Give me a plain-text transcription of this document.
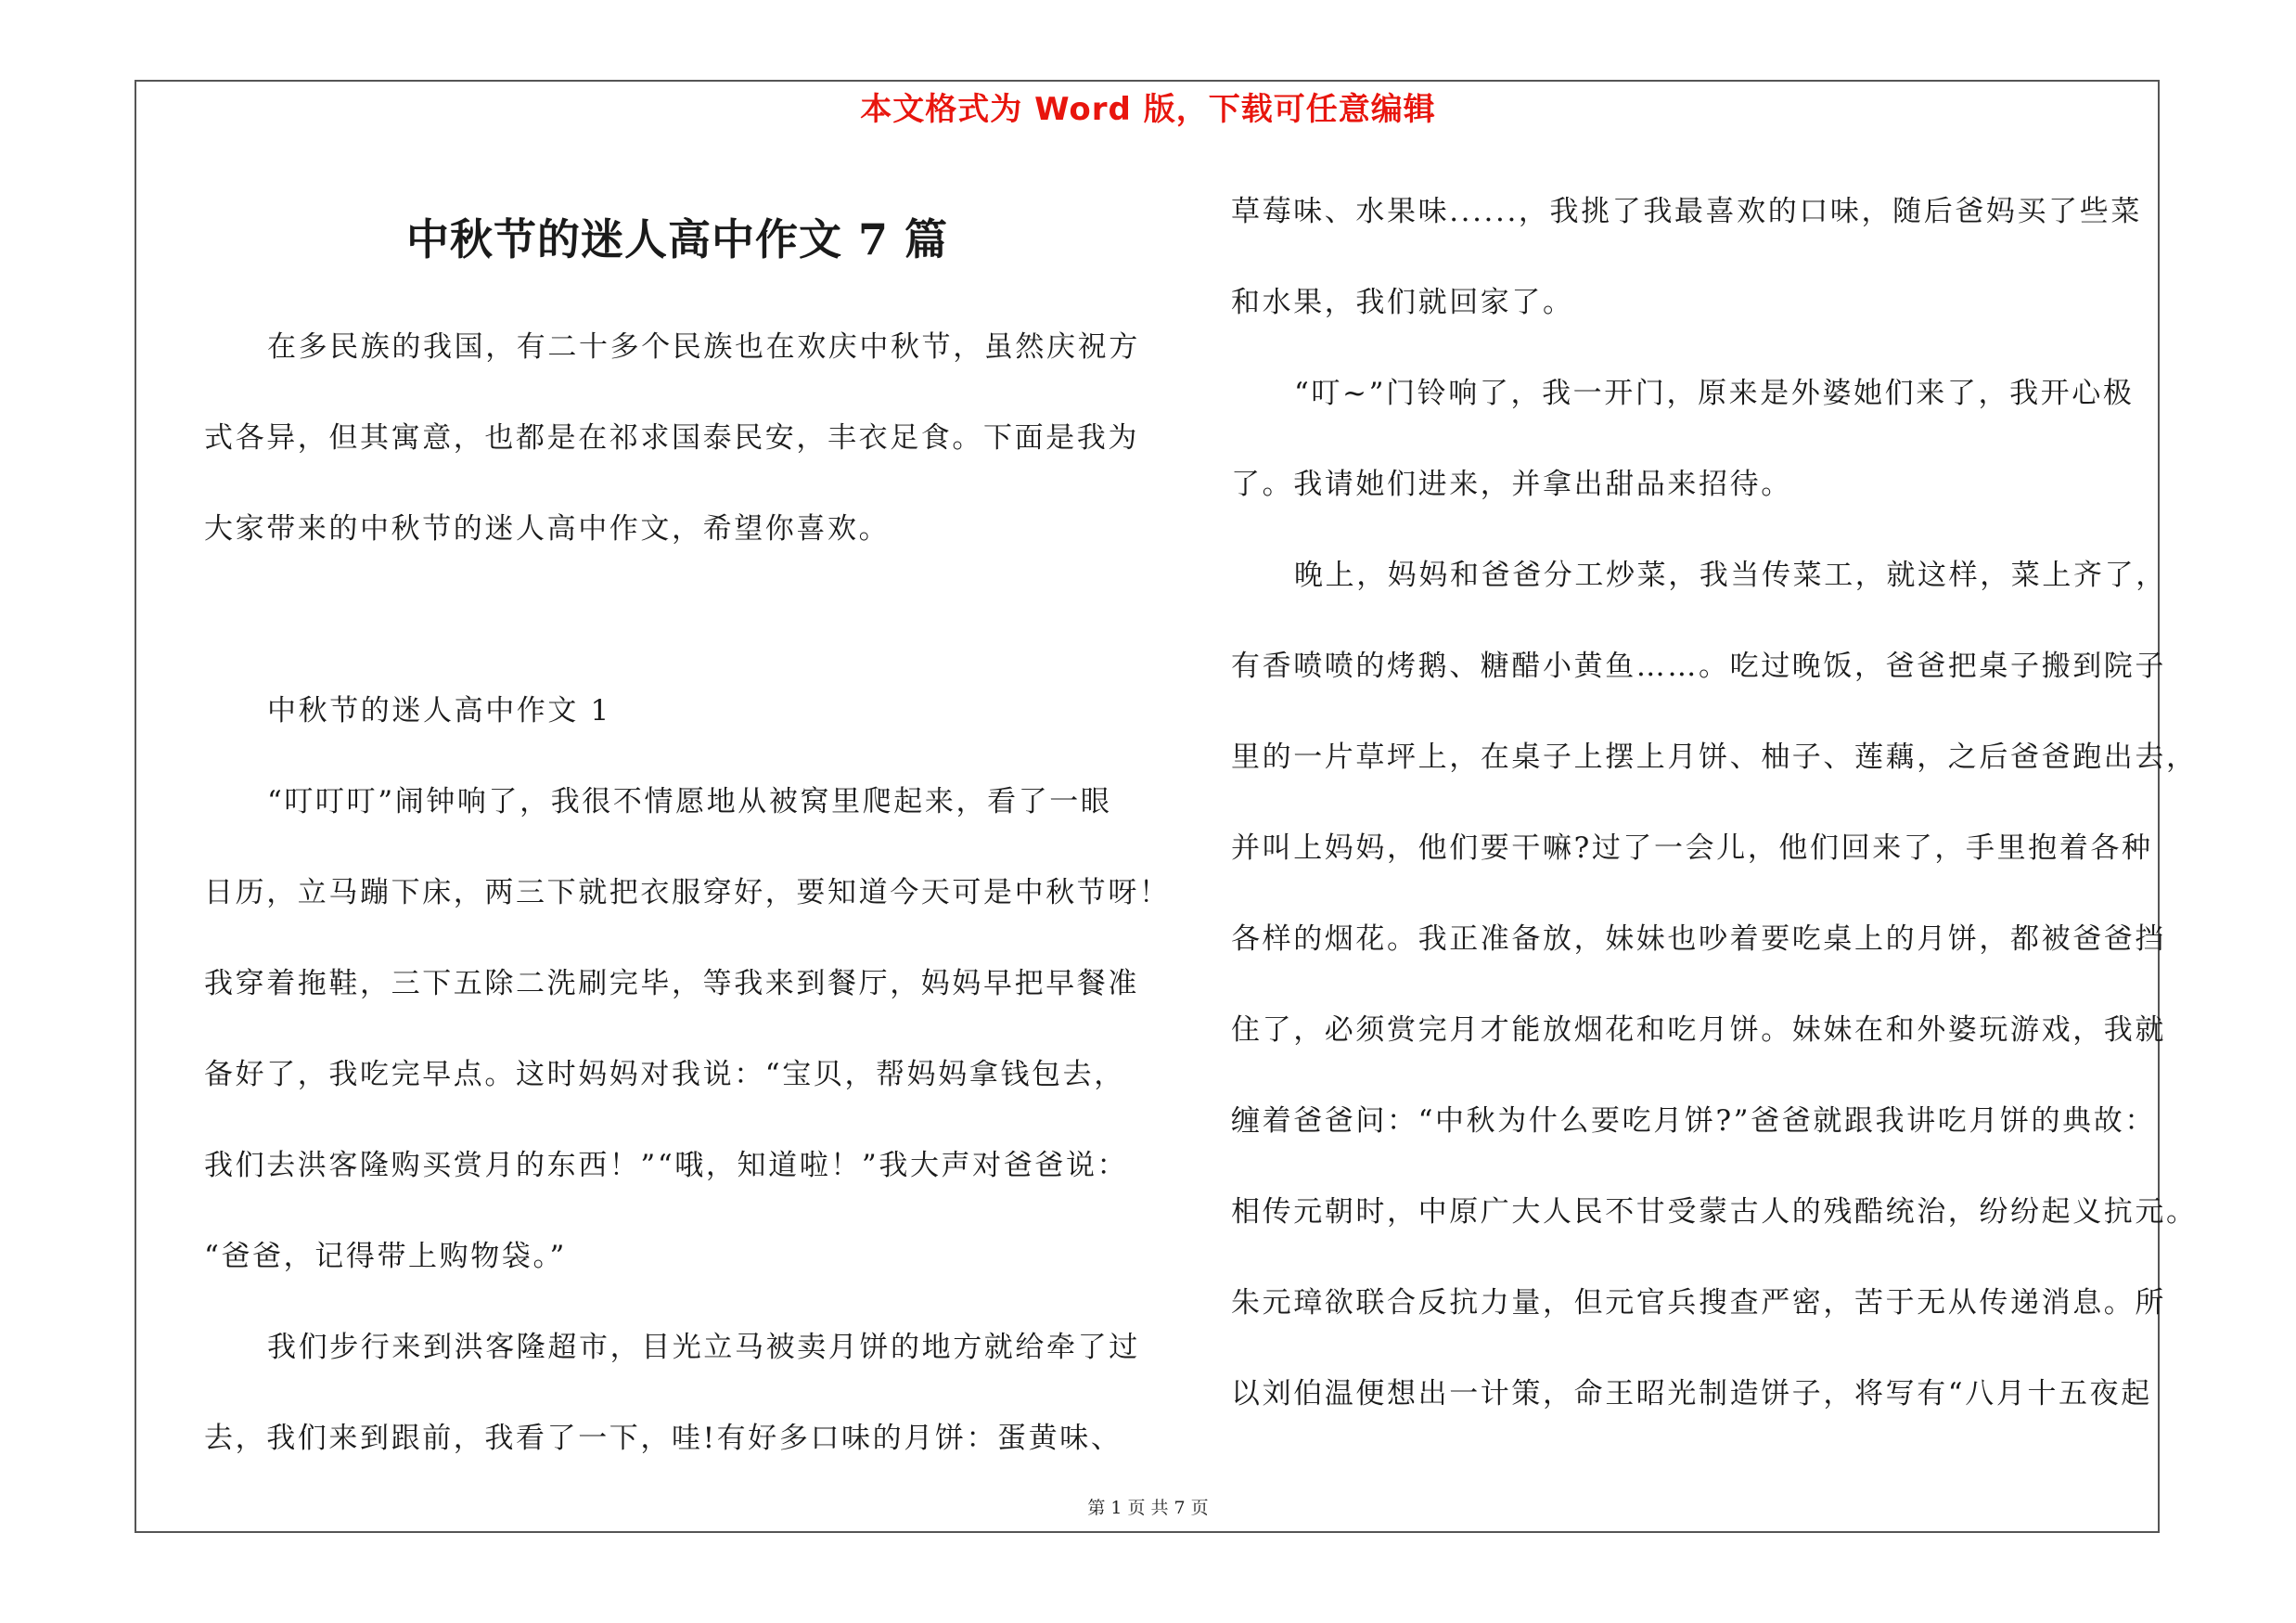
本文格式为 Word 版，下载可任意编辑
中秋节的迷人高中作文 7 篇
在多民族的我国，有二十多个民族也在欢庆中秋节，虽然庆祝方
式各异，但其寓意，也都是在祁求国泰民安，丰衣足食。下面是我为
大家带来的中秋节的迷人高中作文，希望你喜欢。
中秋节的迷人高中作文 1
“叮叮叮”闹钟响了，我很不情愿地从被窝里爬起来，看了一眼
日历，立马蹦下床，两三下就把衣服穿好，要知道今天可是中秋节呀！
我穿着拖鞋，三下五除二洗刷完毕，等我来到餐厅，妈妈早把早餐准
备好了，我吃完早点。这时妈妈对我说：“宝贝，帮妈妈拿钱包去，
我们去洪客隆购买赏月的东西！”“哦，知道啦！”我大声对爸爸说：
“爸爸，记得带上购物袋。”
我们步行来到洪客隆超市，目光立马被卖月饼的地方就给牵了过
去，我们来到跟前，我看了一下，哇!有好多口味的月饼：蛋黄味、
草莓味、水果味......，我挑了我最喜欢的口味，随后爸妈买了些菜
和水果，我们就回家了。
“叮~”门铃响了，我一开门，原来是外婆她们来了，我开心极
了。我请她们进来，并拿出甜品来招待。
晚上，妈妈和爸爸分工炒菜，我当传菜工，就这样，菜上齐了，
有香喷喷的烤鹅、糖醋小黄鱼……。吃过晚饭，爸爸把桌子搬到院子
里的一片草坪上，在桌子上摆上月饼、柚子、莲藕，之后爸爸跑出去，
并叫上妈妈，他们要干嘛?过了一会儿，他们回来了，手里抱着各种
各样的烟花。我正准备放，妹妹也吵着要吃桌上的月饼，都被爸爸挡
住了，必须赏完月才能放烟花和吃月饼。妹妹在和外婆玩游戏，我就
缠着爸爸问：“中秋为什么要吃月饼?”爸爸就跟我讲吃月饼的典故：
相传元朝时，中原广大人民不甘受蒙古人的残酷统治，纷纷起义抗元。
朱元璋欲联合反抗力量，但元官兵搜查严密，苦于无从传递消息。所
以刘伯温便想出一计策，命王昭光制造饼子，将写有“八月十五夜起
第 1 页 共 7 页
